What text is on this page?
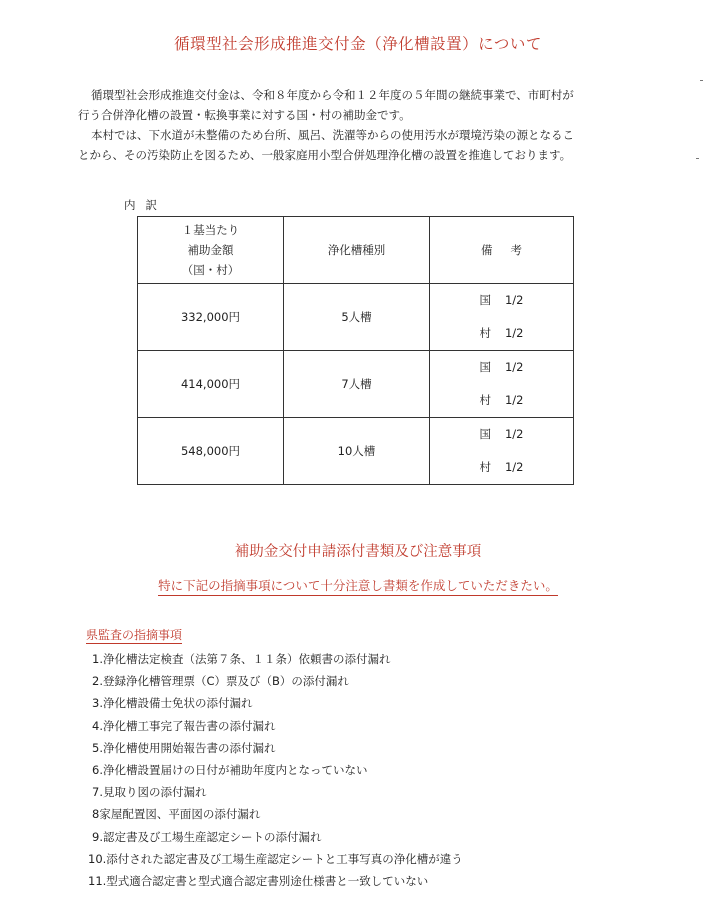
循環型社会形成推進交付金（浄化槽設置）について

循環型社会形成推進交付金は、令和８年度から令和１２年度の５年間の継続事業で、市町村が

行う合併浄化槽の設置・転換事業に対する国・村の補助金です。

本村では、下水道が未整備のため台所、風呂、洗濯等からの使用汚水が環境汚染の源となるこ

とから、その汚染防止を図るため、一般家庭用小型合併処理浄化槽の設置を推進しております。

内訳
１基当たり
補助金額
（国・村）	浄化槽種別	備考
332,000円	5人槽	国 1/2
村 1/2

414,000円	7人槽	国 1/2
村 1/2

548,000円	10人槽	国 1/2
村 1/2
補助金交付申請添付書類及び注意事項
特に下記の指摘事項について十分注意し書類を作成していただきたい。
県監査の指摘事項
1.浄化槽法定検査（法第７条、１１条）依頼書の添付漏れ
2.登録浄化槽管理票（C）票及び（B）の添付漏れ
3.浄化槽設備士免状の添付漏れ
4.浄化槽工事完了報告書の添付漏れ
5.浄化槽使用開始報告書の添付漏れ
6.浄化槽設置届けの日付が補助年度内となっていない
7.見取り図の添付漏れ
8家屋配置図、平面図の添付漏れ
9.認定書及び工場生産認定シートの添付漏れ
10.添付された認定書及び工場生産認定シートと工事写真の浄化槽が違う
11.型式適合認定書と型式適合認定書別途仕様書と一致していない
